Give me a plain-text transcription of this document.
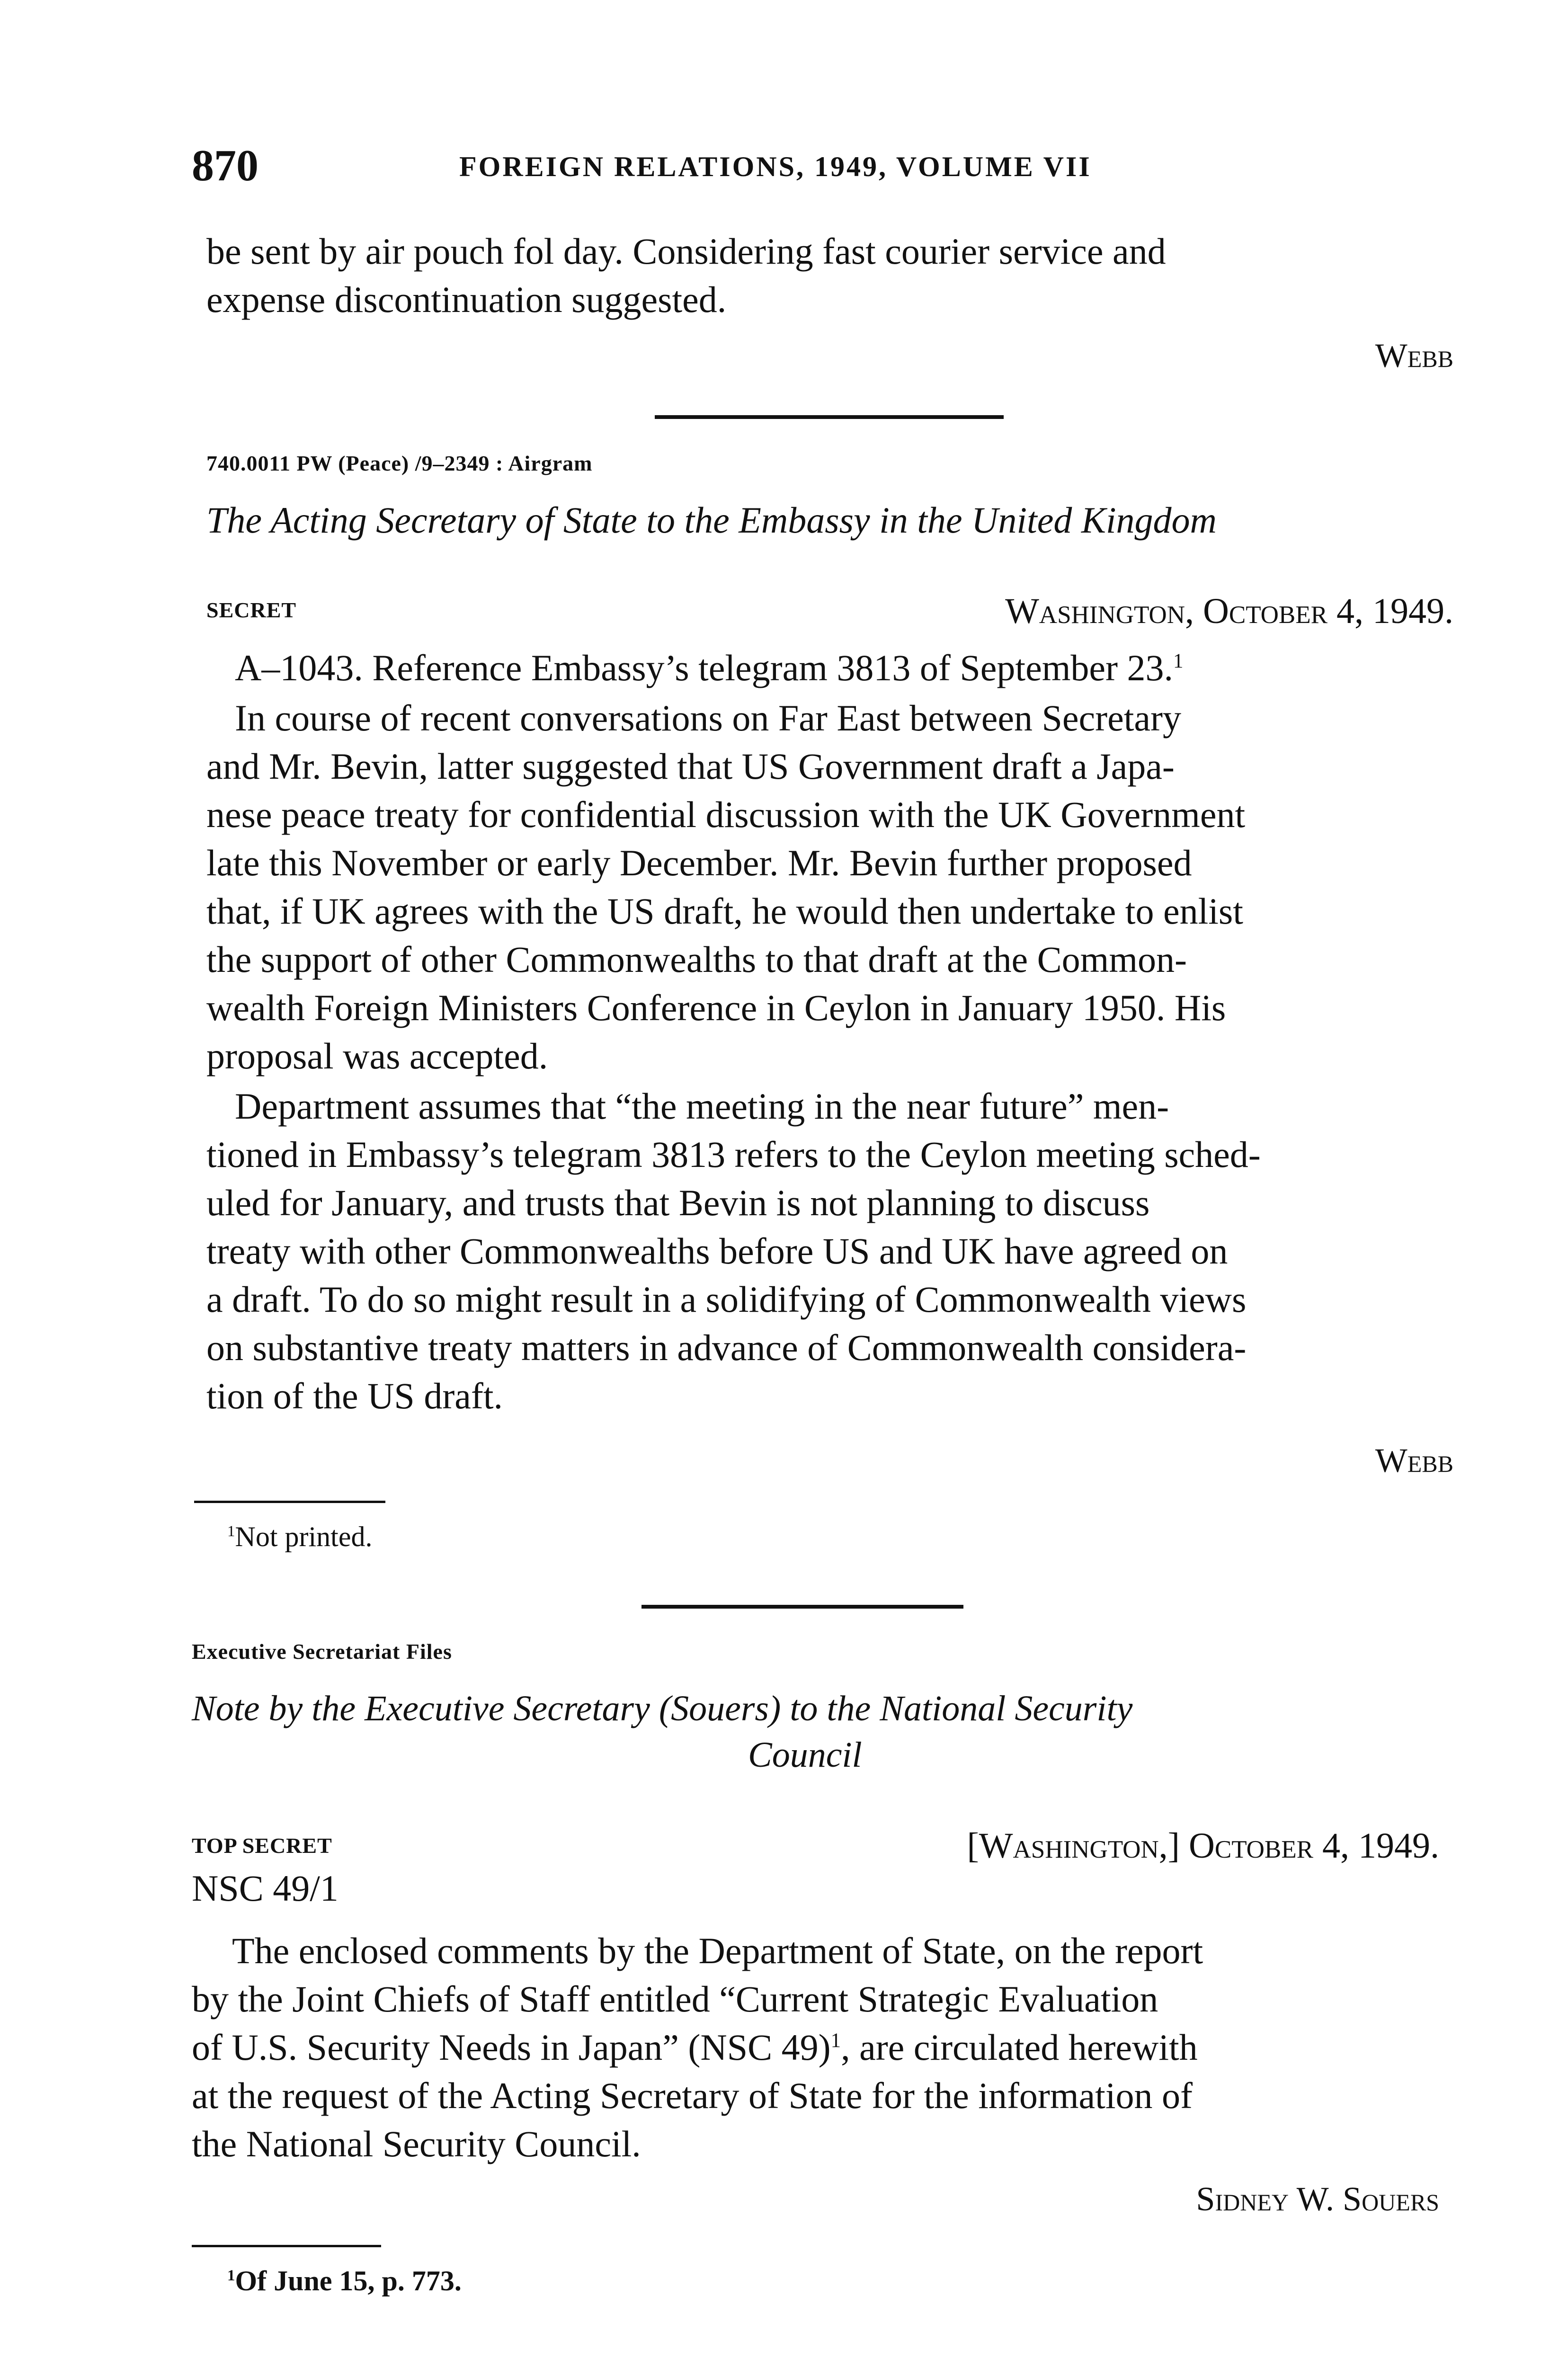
870	FOREIGN RELATIONS, 1949, VOLUME VII
be sent by air pouch fol day. Considering fast courier service and
expense discontinuation suggested.
Webb
740.0011 PW (Peace) /9–2349 : Airgram
The Acting Secretary of State to the Embassy in the United Kingdom
SECRET	Washington, October 4, 1949.
A–1043. Reference Embassy’s telegram 3813 of September 23.$^1$
In course of recent conversations on Far East between Secretary
and Mr. Bevin, latter suggested that US Government draft a Japa-
nese peace treaty for confidential discussion with the UK Government
late this November or early December. Mr. Bevin further proposed
that, if UK agrees with the US draft, he would then undertake to enlist
the support of other Commonwealths to that draft at the Common-
wealth Foreign Ministers Conference in Ceylon in January 1950. His
proposal was accepted.
Department assumes that “the meeting in the near future” men-
tioned in Embassy’s telegram 3813 refers to the Ceylon meeting sched-
uled for January, and trusts that Bevin is not planning to discuss
treaty with other Commonwealths before US and UK have agreed on
a draft. To do so might result in a solidifying of Commonwealth views
on substantive treaty matters in advance of Commonwealth considera-
tion of the US draft.
Webb
$^1$Not printed.
Executive Secretariat Files
Note by the Executive Secretary (Souers) to the National Security
Council
TOP SECRET	[Washington,] October 4, 1949.
NSC 49/1
The enclosed comments by the Department of State, on the report
by the Joint Chiefs of Staff entitled “Current Strategic Evaluation
of U.S. Security Needs in Japan” (NSC 49)$^1$, are circulated herewith
at the request of the Acting Secretary of State for the information of
the National Security Council.
Sidney W. Souers
$^1$Of June 15, p. 773.
